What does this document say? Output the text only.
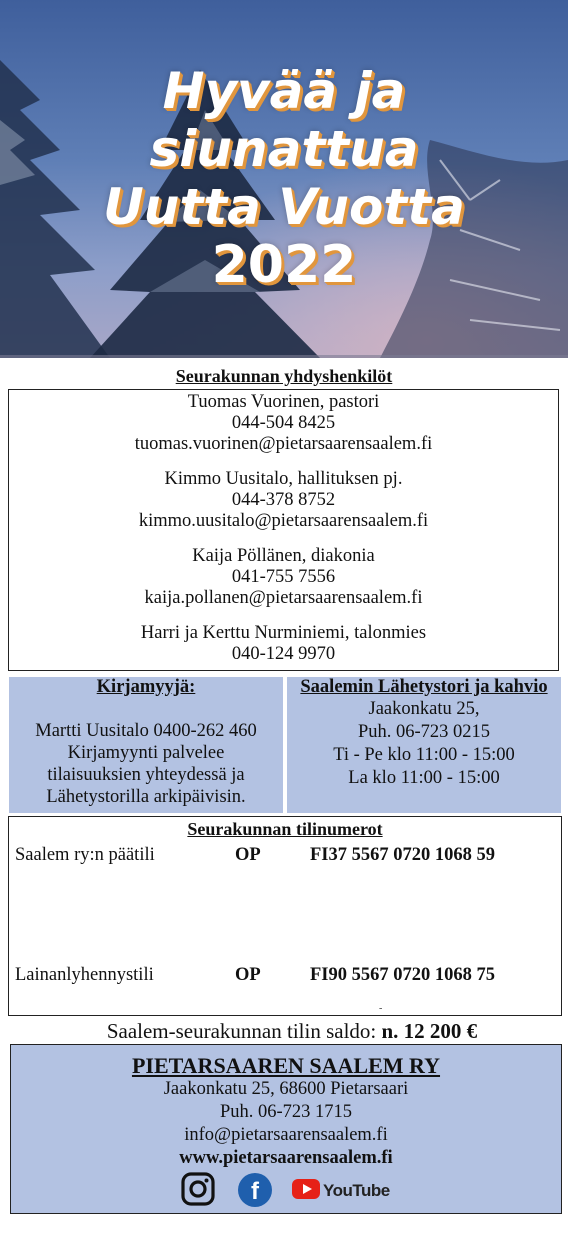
Hyvää ja
siunattua
Uutta Vuotta
2022
Seurakunnan yhdyshenkilöt
Tuomas Vuorinen, pastori
044-504 8425
tuomas.vuorinen@pietarsaarensaalem.fi
Kimmo Uusitalo, hallituksen pj.
044-378 8752
kimmo.uusitalo@pietarsaarensaalem.fi
Kaija Pöllänen, diakonia
041-755 7556
kaija.pollanen@pietarsaarensaalem.fi
Harri ja Kerttu Nurminiemi, talonmies
040-124 9970
Kirjamyyjä:
Martti Uusitalo 0400-262 460
Kirjamyynti palvelee
tilaisuuksien yhteydessä ja
Lähetystorilla arkipäivisin.
Saalemin Lähetystori ja kahvio
Jaakonkatu 25,
Puh. 06-723 0215
Ti - Pe klo 11:00 - 15:00
La klo 11:00 - 15:00
Seurakunnan tilinumerot
Saalem ry:n päätili	OP	FI37 5567 0720 1068 59
Lainanlyhennystili	OP	FI90 5567 0720 1068 75
-
Saalem-seurakunnan tilin saldo: n. 12 200 €
PIETARSAAREN SAALEM RY
Jaakonkatu 25, 68600 Pietarsaari
Puh. 06-723 1715
info@pietarsaarensaalem.fi
www.pietarsaarensaalem.fi
f	YouTube
